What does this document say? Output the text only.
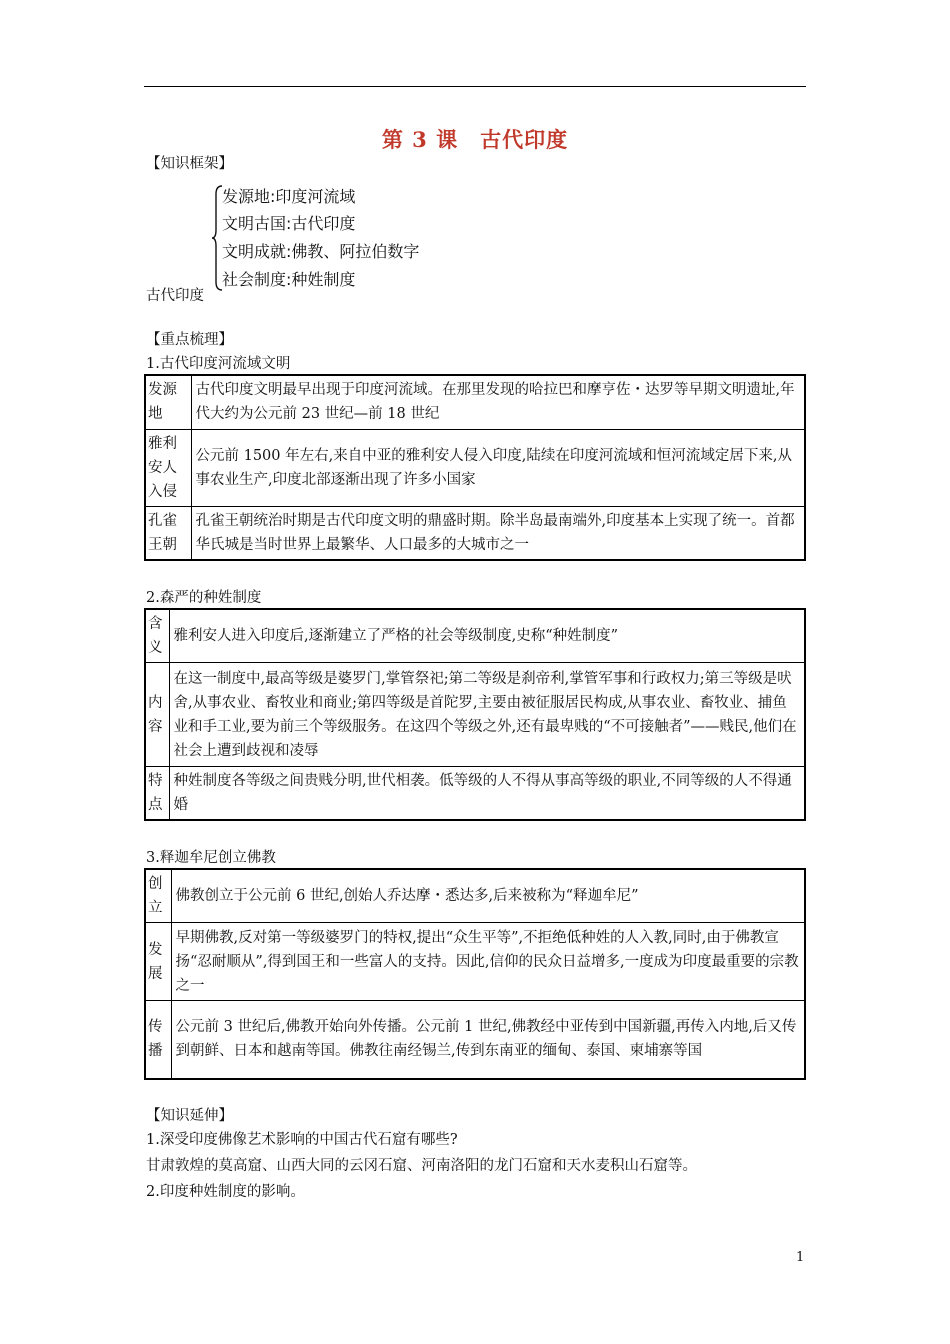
第 3 课　古代印度
【知识框架】
发源地:印度河流域
文明古国:古代印度
文明成就:佛教、阿拉伯数字
社会制度:种姓制度
古代印度
【重点梳理】
1.古代印度河流域文明
发源地	古代印度文明最早出现于印度河流域。在那里发现的哈拉巴和摩亨佐・达罗等早期文明遗址,年代大约为公元前 23 世纪—前 18 世纪
雅利安人入侵	公元前 1500 年左右,来自中亚的雅利安人侵入印度,陆续在印度河流域和恒河流域定居下来,从事农业生产,印度北部逐渐出现了许多小国家
孔雀王朝	孔雀王朝统治时期是古代印度文明的鼎盛时期。除半岛最南端外,印度基本上实现了统一。首都华氏城是当时世界上最繁华、人口最多的大城市之一
2.森严的种姓制度
含义	雅利安人进入印度后,逐渐建立了严格的社会等级制度,史称“种姓制度”
内容	在这一制度中,最高等级是婆罗门,掌管祭祀;第二等级是刹帝利,掌管军事和行政权力;第三等级是吠舍,从事农业、畜牧业和商业;第四等级是首陀罗,主要由被征服居民构成,从事农业、畜牧业、捕鱼业和手工业,要为前三个等级服务。在这四个等级之外,还有最卑贱的“不可接触者”——贱民,他们在社会上遭到歧视和凌辱
特点	种姓制度各等级之间贵贱分明,世代相袭。低等级的人不得从事高等级的职业,不同等级的人不得通婚
3.释迦牟尼创立佛教
创立	佛教创立于公元前 6 世纪,创始人乔达摩・悉达多,后来被称为“释迦牟尼”
发展	早期佛教,反对第一等级婆罗门的特权,提出“众生平等”,不拒绝低种姓的人入教,同时,由于佛教宣扬“忍耐顺从”,得到国王和一些富人的支持。因此,信仰的民众日益增多,一度成为印度最重要的宗教之一
传播	公元前 3 世纪后,佛教开始向外传播。公元前 1 世纪,佛教经中亚传到中国新疆,再传入内地,后又传到朝鲜、日本和越南等国。佛教往南经锡兰,传到东南亚的缅甸、泰国、柬埔寨等国
【知识延伸】
1.深受印度佛像艺术影响的中国古代石窟有哪些?
甘肃敦煌的莫高窟、山西大同的云冈石窟、河南洛阳的龙门石窟和天水麦积山石窟等。
2.印度种姓制度的影响。
1
